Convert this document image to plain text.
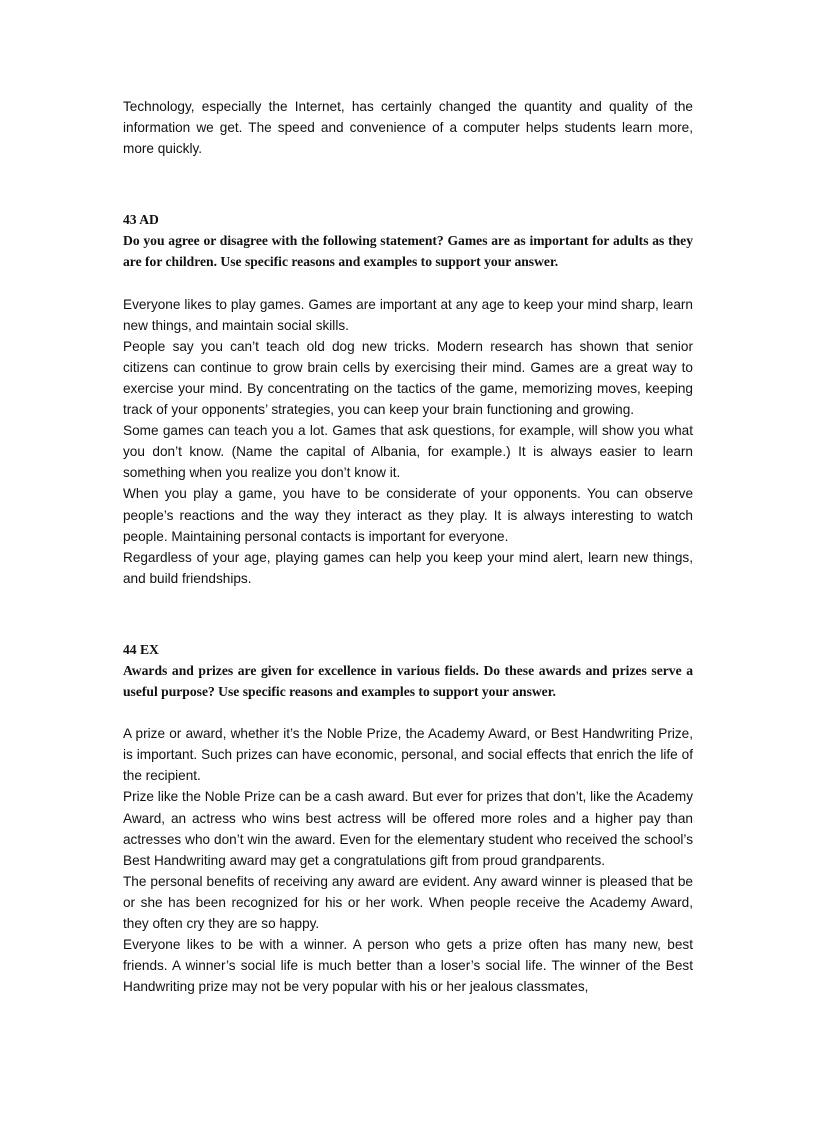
Technology, especially the Internet, has certainly changed the quantity and quality of the information we get. The speed and convenience of a computer helps students learn more, more quickly.

43 AD

Do you agree or disagree with the following statement? Games are as important for adults as they are for children. Use specific reasons and examples to support your answer.

Everyone likes to play games. Games are important at any age to keep your mind sharp, learn new things, and maintain social skills.

People say you can’t teach old dog new tricks. Modern research has shown that senior citizens can continue to grow brain cells by exercising their mind. Games are a great way to exercise your mind. By concentrating on the tactics of the game, memorizing moves, keeping track of your opponents’ strategies, you can keep your brain functioning and growing.

Some games can teach you a lot. Games that ask questions, for example, will show you what you don’t know. (Name the capital of Albania, for example.) It is always easier to learn something when you realize you don’t know it.

When you play a game, you have to be considerate of your opponents. You can observe people’s reactions and the way they interact as they play. It is always interesting to watch people. Maintaining personal contacts is important for everyone.

Regardless of your age, playing games can help you keep your mind alert, learn new things, and build friendships.

44 EX

Awards and prizes are given for excellence in various fields. Do these awards and prizes serve a useful purpose? Use specific reasons and examples to support your answer.

A prize or award, whether it’s the Noble Prize, the Academy Award, or Best Handwriting Prize, is important. Such prizes can have economic, personal, and social effects that enrich the life of the recipient.

Prize like the Noble Prize can be a cash award. But ever for prizes that don’t, like the Academy Award, an actress who wins best actress will be offered more roles and a higher pay than actresses who don’t win the award. Even for the elementary student who received the school’s Best Handwriting award may get a congratulations gift from proud grandparents.

The personal benefits of receiving any award are evident. Any award winner is pleased that be or she has been recognized for his or her work. When people receive the Academy Award, they often cry they are so happy.

Everyone likes to be with a winner. A person who gets a prize often has many new, best friends. A winner’s social life is much better than a loser’s social life. The winner of the Best Handwriting prize may not be very popular with his or her jealous classmates,
